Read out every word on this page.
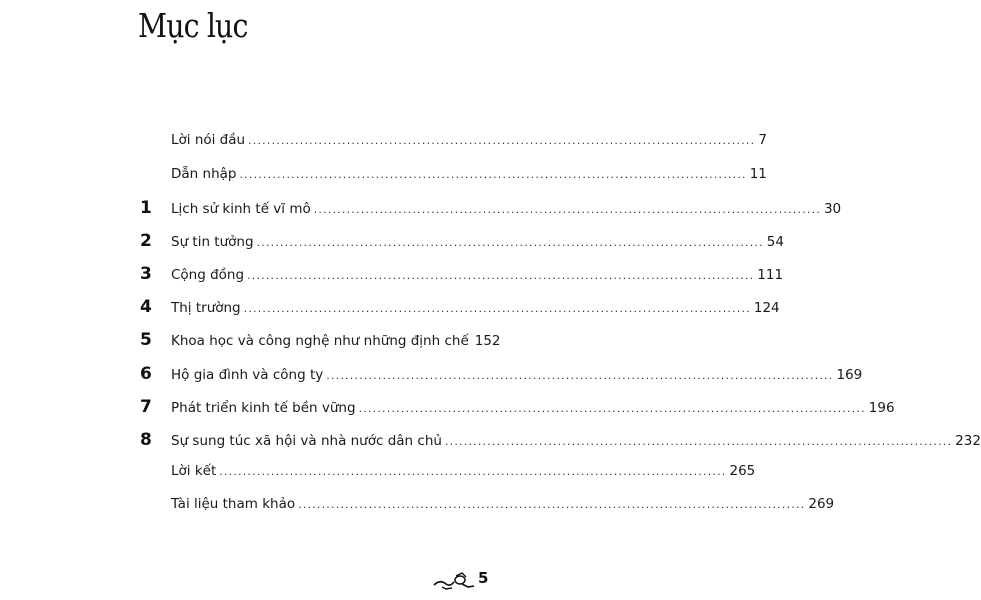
Mục lục
Lời nói đầu ............................................................................................................ 7
Dẫn nhập ............................................................................................................ 11
1	Lịch sử kinh tế vĩ mô ............................................................................................................ 30
2	Sự tin tưởng ............................................................................................................ 54
3	Cộng đồng ............................................................................................................ 111
4	Thị trường ............................................................................................................ 124
5	Khoa học và công nghệ như những định chế 152
6	Hộ gia đình và công ty ............................................................................................................ 169
7	Phát triển kinh tế bền vững ............................................................................................................ 196
8	Sự sung túc xã hội và nhà nước dân chủ ............................................................................................................ 232
Lời kết ............................................................................................................ 265
Tài liệu tham khảo ............................................................................................................ 269
5
